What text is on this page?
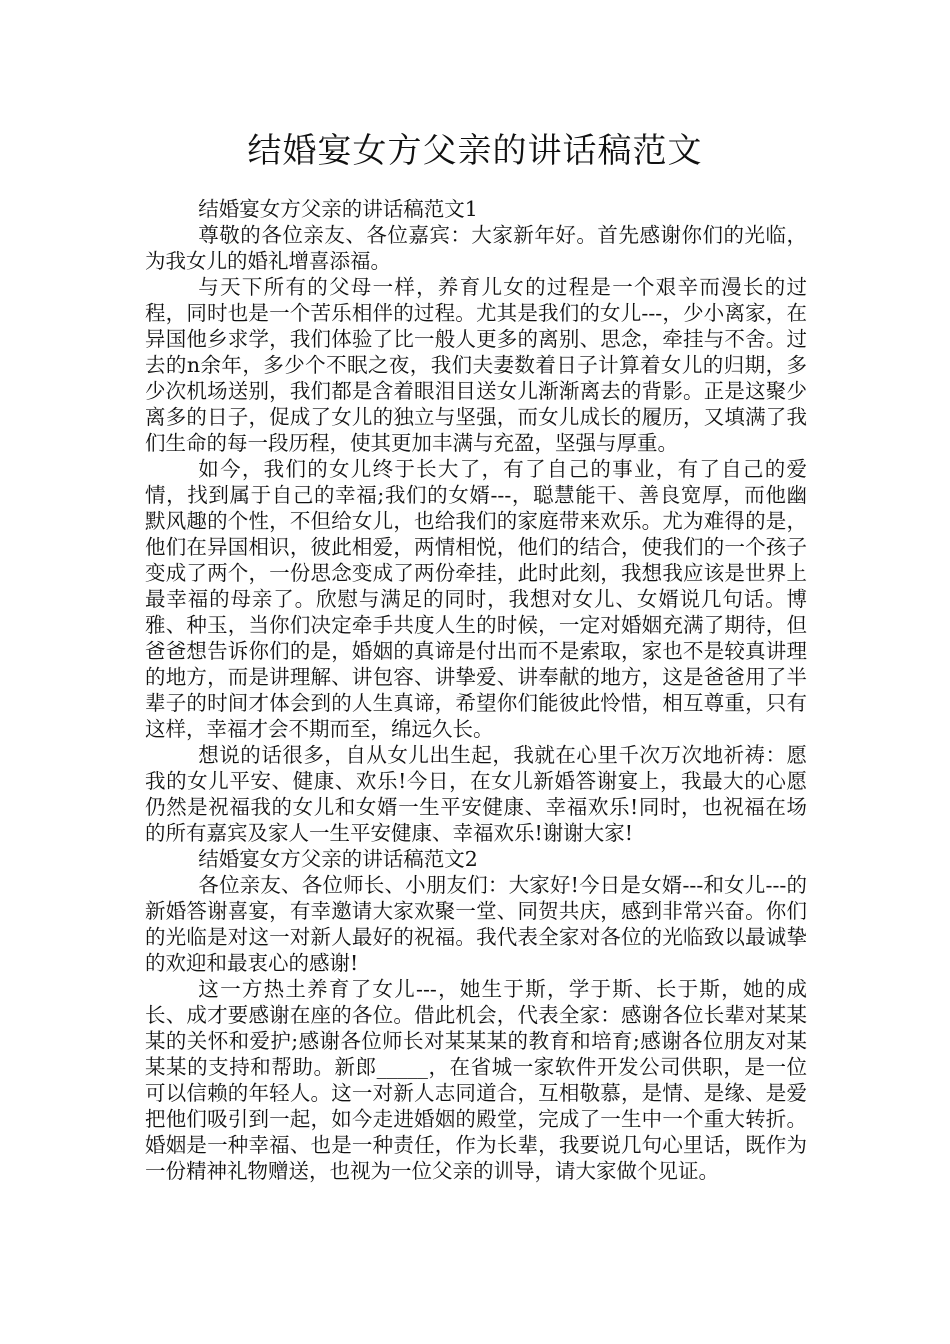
结婚宴女方父亲的讲话稿范文

结婚宴女方父亲的讲话稿范文1

尊敬的各位亲友、各位嘉宾：大家新年好。首先感谢你们的光临，为我女儿的婚礼增喜添福。

与天下所有的父母一样，养育儿女的过程是一个艰辛而漫长的过程，同时也是一个苦乐相伴的过程。尤其是我们的女儿---，少小离家，在异国他乡求学，我们体验了比一般人更多的离别、思念，牵挂与不舍。过去的n余年，多少个不眠之夜，我们夫妻数着日子计算着女儿的归期，多少次机场送别，我们都是含着眼泪目送女儿渐渐离去的背影。正是这聚少离多的日子，促成了女儿的独立与坚强，而女儿成长的履历，又填满了我们生命的每一段历程，使其更加丰满与充盈，坚强与厚重。

如今，我们的女儿终于长大了，有了自己的事业，有了自己的爱情，找到属于自己的幸福;我们的女婿---，聪慧能干、善良宽厚，而他幽默风趣的个性，不但给女儿，也给我们的家庭带来欢乐。尤为难得的是，他们在异国相识，彼此相爱，两情相悦，他们的结合，使我们的一个孩子变成了两个，一份思念变成了两份牵挂，此时此刻，我想我应该是世界上最幸福的母亲了。欣慰与满足的同时，我想对女儿、女婿说几句话。博雅、种玉，当你们决定牵手共度人生的时候，一定对婚姻充满了期待，但爸爸想告诉你们的是，婚姻的真谛是付出而不是索取，家也不是较真讲理的地方，而是讲理解、讲包容、讲挚爱、讲奉献的地方，这是爸爸用了半辈子的时间才体会到的人生真谛，希望你们能彼此怜惜，相互尊重，只有这样，幸福才会不期而至，绵远久长。

想说的话很多，自从女儿出生起，我就在心里千次万次地祈祷：愿我的女儿平安、健康、欢乐!今日，在女儿新婚答谢宴上，我最大的心愿仍然是祝福我的女儿和女婿一生平安健康、幸福欢乐!同时，也祝福在场的所有嘉宾及家人一生平安健康、幸福欢乐!谢谢大家!

结婚宴女方父亲的讲话稿范文2

各位亲友、各位师长、小朋友们：大家好!今日是女婿---和女儿---的新婚答谢喜宴，有幸邀请大家欢聚一堂、同贺共庆，感到非常兴奋。你们的光临是对这一对新人最好的祝福。我代表全家对各位的光临致以最诚挚的欢迎和最衷心的感谢!

这一方热土养育了女儿---，她生于斯，学于斯、长于斯，她的成长、成才要感谢在座的各位。借此机会，代表全家：感谢各位长辈对某某某的关怀和爱护;感谢各位师长对某某某的教育和培育;感谢各位朋友对某某某的支持和帮助。新郎_____，在省城一家软件开发公司供职，是一位可以信赖的年轻人。这一对新人志同道合，互相敬慕，是情、是缘、是爱把他们吸引到一起，如今走进婚姻的殿堂，完成了一生中一个重大转折。婚姻是一种幸福、也是一种责任，作为长辈，我要说几句心里话，既作为一份精神礼物赠送，也视为一位父亲的训导，请大家做个见证。
